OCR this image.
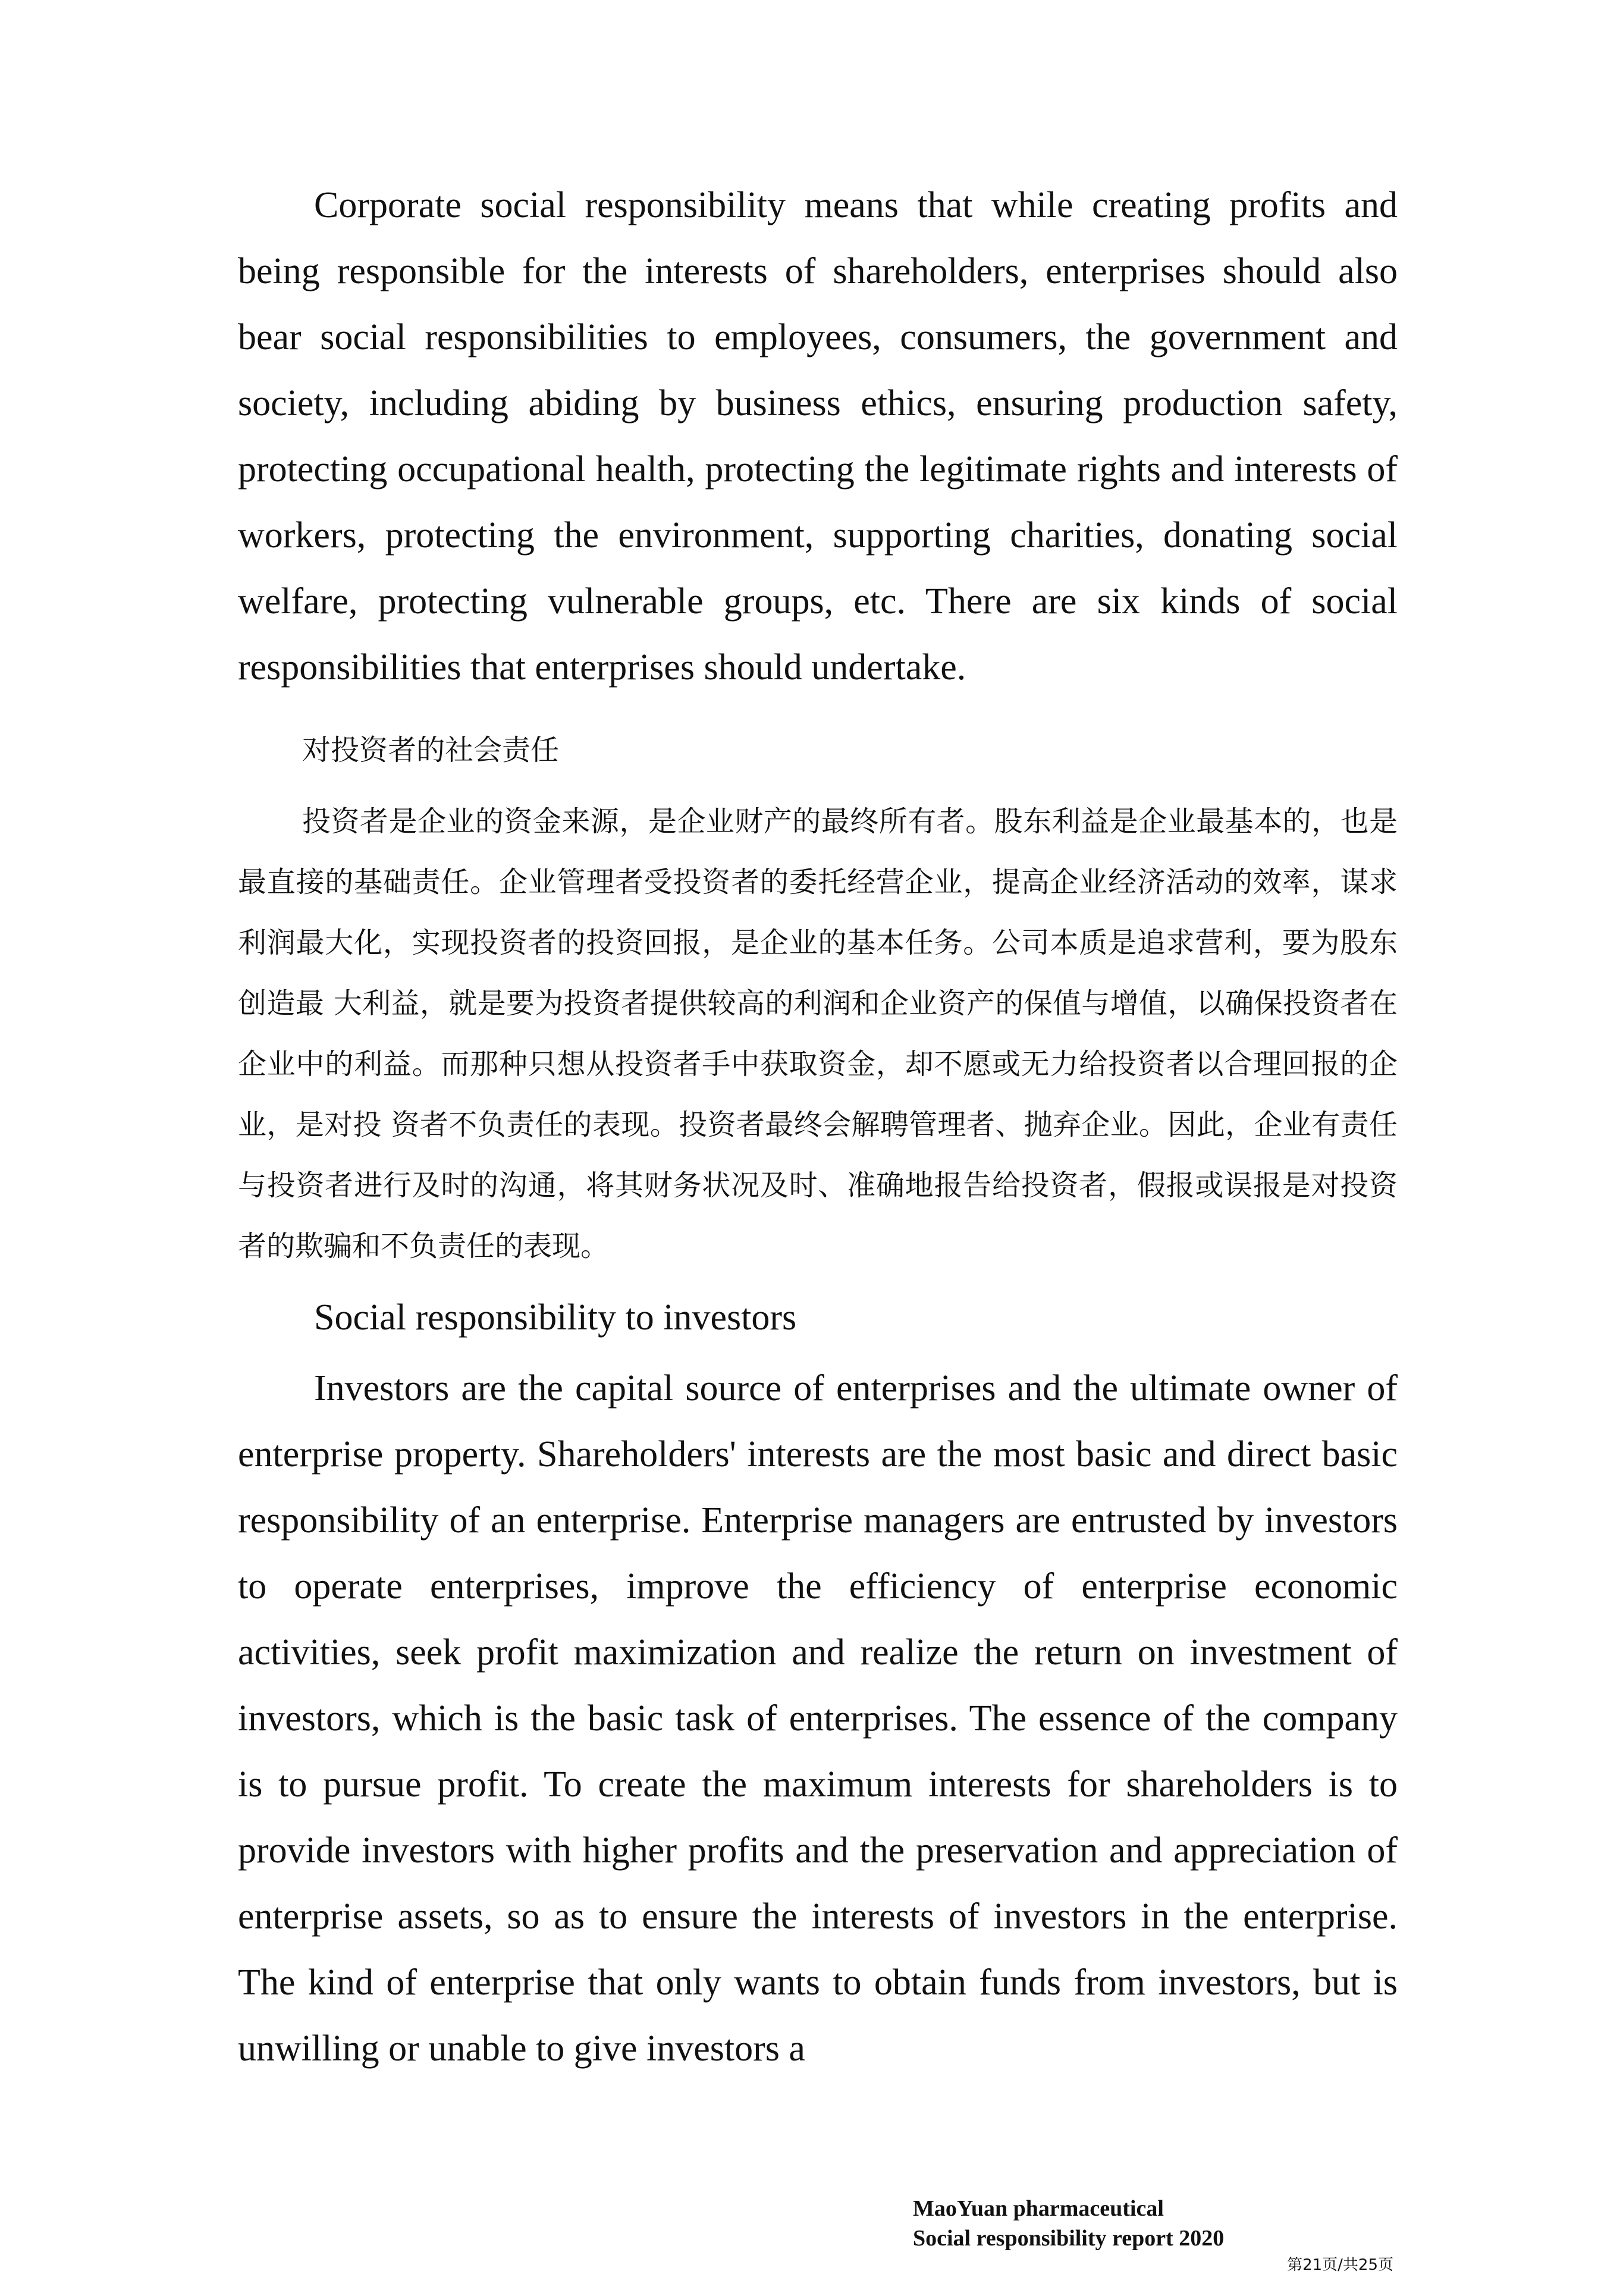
Corporate social responsibility means that while creating profits and being responsible for the interests of shareholders, enterprises should also bear social responsibilities to employees, consumers, the government and society, including abiding by business ethics, ensuring production safety, protecting occupational health, protecting the legitimate rights and interests of workers, protecting the environment, supporting charities, donating social welfare, protecting vulnerable groups, etc. There are six kinds of social responsibilities that enterprises should undertake.

对投资者的社会责任

投资者是企业的资金来源，是企业财产的最终所有者。股东利益是企业最基本的，也是最直接的基础责任。企业管理者受投资者的委托经营企业，提高企业经济活动的效率，谋求利润最大化，实现投资者的投资回报，是企业的基本任务。公司本质是追求营利，要为股东创造最 大利益，就是要为投资者提供较高的利润和企业资产的保值与增值，以确保投资者在企业中的利益。而那种只想从投资者手中获取资金，却不愿或无力给投资者以合理回报的企业，是对投 资者不负责任的表现。投资者最终会解聘管理者、抛弃企业。因此，企业有责任与投资者进行及时的沟通，将其财务状况及时、准确地报告给投资者，假报或误报是对投资者的欺骗和不负责任的表现。

Social responsibility to investors

Investors are the capital source of enterprises and the ultimate owner of enterprise property. Shareholders' interests are the most basic and direct basic responsibility of an enterprise. Enterprise managers are entrusted by investors to operate enterprises, improve the efficiency of enterprise economic activities, seek profit maximization and realize the return on investment of investors, which is the basic task of enterprises. The essence of the company is to pursue profit. To create the maximum interests for shareholders is to provide investors with higher profits and the preservation and appreciation of enterprise assets, so as to ensure the interests of investors in the enterprise. The kind of enterprise that only wants to obtain funds from investors, but is unwilling or unable to give investors a

MaoYuan pharmaceutical
Social responsibility report 2020
第21页/共25页
